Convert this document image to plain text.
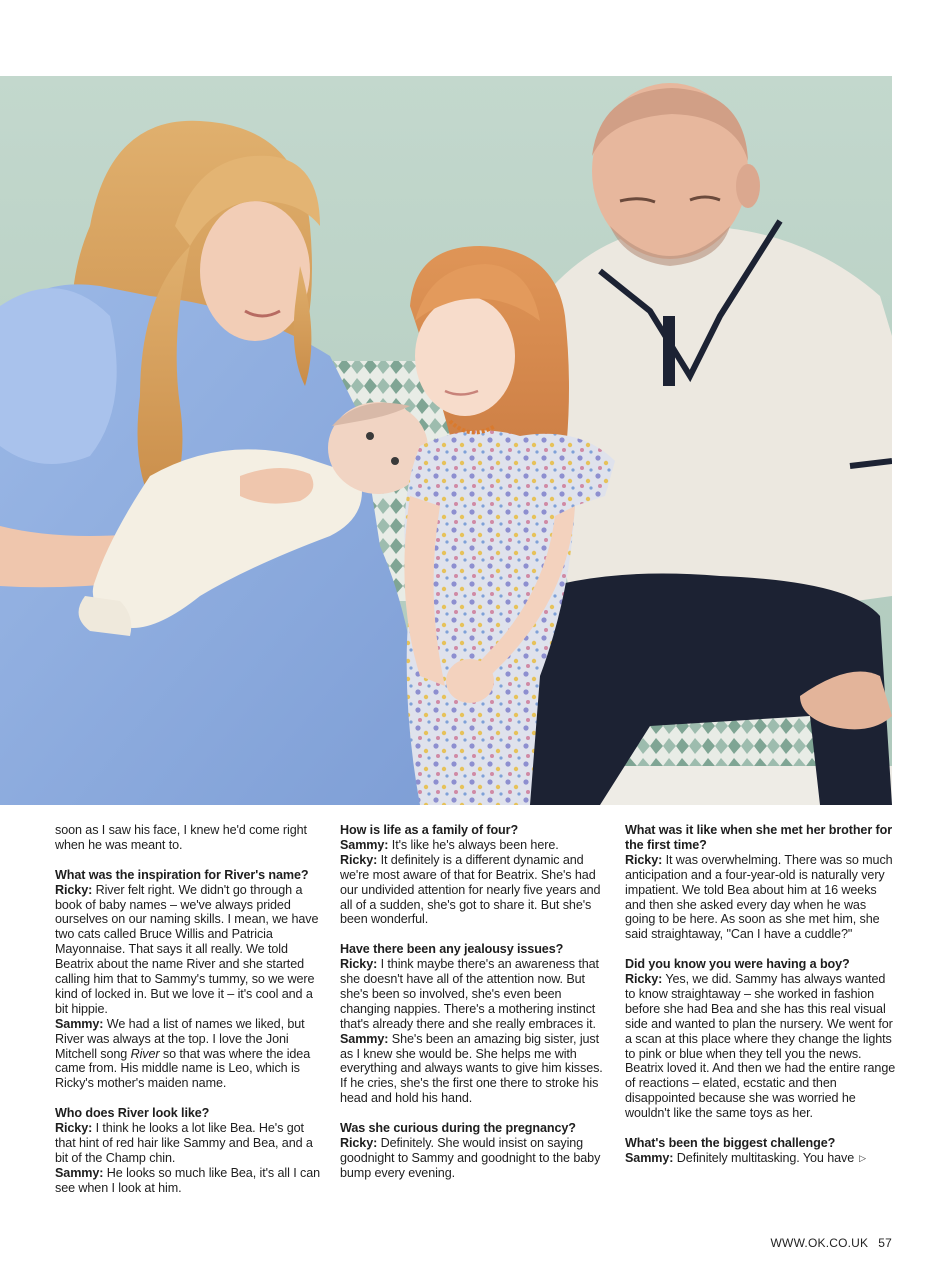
soon as I saw his face, I knew he'd come right when he was meant to.

What was the inspiration for River's name?
Ricky: River felt right. We didn't go through a book of baby names – we've always prided ourselves on our naming skills. I mean, we have two cats called Bruce Willis and Patricia Mayonnaise. That says it all really. We told Beatrix about the name River and she started calling him that to Sammy's tummy, so we were kind of locked in. But we love it – it's cool and a bit hippie.
Sammy: We had a list of names we liked, but River was always at the top. I love the Joni Mitchell song River so that was where the idea came from. His middle name is Leo, which is Ricky's mother's maiden name.

Who does River look like?
Ricky: I think he looks a lot like Bea. He's got that hint of red hair like Sammy and Bea, and a bit of the Champ chin.
Sammy: He looks so much like Bea, it's all I can see when I look at him.

How is life as a family of four?
Sammy: It's like he's always been here.
Ricky: It definitely is a different dynamic and we're most aware of that for Beatrix. She's had our undivided attention for nearly five years and all of a sudden, she's got to share it. But she's been wonderful.

Have there been any jealousy issues?
Ricky: I think maybe there's an awareness that she doesn't have all of the attention now. But she's been so involved, she's even been changing nappies. There's a mothering instinct that's already there and she really embraces it.
Sammy: She's been an amazing big sister, just as I knew she would be. She helps me with everything and always wants to give him kisses. If he cries, she's the first one there to stroke his head and hold his hand.

Was she curious during the pregnancy?
Ricky: Definitely. She would insist on saying goodnight to Sammy and goodnight to the baby bump every evening.

What was it like when she met her brother for the first time?
Ricky: It was overwhelming. There was so much anticipation and a four-year-old is naturally very impatient. We told Bea about him at 16 weeks and then she asked every day when he was going to be here. As soon as she met him, she said straightaway, "Can I have a cuddle?"

Did you know you were having a boy?
Ricky: Yes, we did. Sammy has always wanted to know straightaway – she worked in fashion before she had Bea and she has this real visual side and wanted to plan the nursery. We went for a scan at this place where they change the lights to pink or blue when they tell you the news. Beatrix loved it. And then we had the entire range of reactions – elated, ecstatic and then disappointed because she was worried he wouldn't like the same toys as her.

What's been the biggest challenge?
Sammy: Definitely multitasking. You have ▷

WWW.OK.CO.UK 57
